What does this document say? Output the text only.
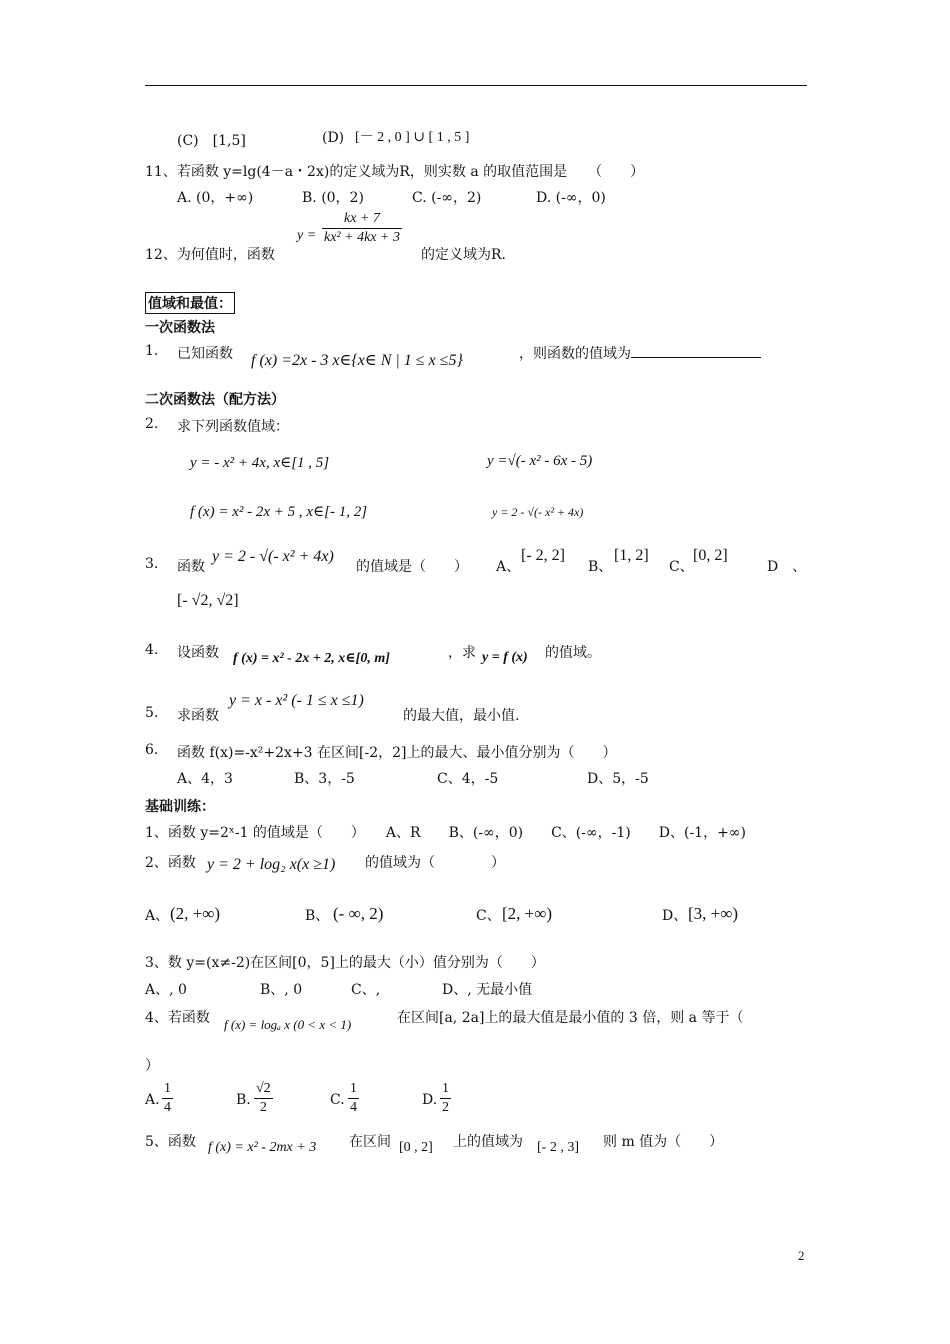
(C)　[1,5]	(D) [－ 2 , 0 ] ∪ [ 1 , 5 ]
11、若函数 y=lg(4－a・2x)的定义域为R，则实数 a 的取值范围是　　（　　）
A. (0，+∞)	B. (0，2)	C. (-∞，2)	D. (-∞，0)
12、为何值时，函数
$y = \frac{kx + 7}{\text{kx² + 4kx + 3}}$
的定义域为R.
值域和最值：
一次函数法
1. 已知函数 f (x) =2x - 3 x∈{x∈ N | 1 ≤ x ≤5}	，则函数的值域为
二次函数法（配方法）
2. 求下列函数值域：
y = - x² + 4x, x∈[1 , 5]	y =√(- x² - 6x - 5)
f (x) = x² - 2x + 5 , x∈[- 1, 2]	y = 2 - √(- x² + 4x)
3. 函数
y = 2 - √(- x² + 4x)
的值域是（　　） A、
[- 2, 2]
B、
[1, 2]
C、
[0, 2]
D　、
[- √2, √2]
4. 设函数 f (x) = x² - 2x + 2, x∈[0, m]	，求 y = f (x) 的值域。
5. 求函数
y = x - x² (- 1 ≤ x ≤1)
的最大值，最小值.
6. 函数 f(x)=-x²+2x+3 在区间[-2，2]上的最大、最小值分别为（　　）
A、4，3	B、3，-5	C、4，-5	D、5，-5
基础训练：
1、函数 y=2ˣ-1 的值域是（　　）　　A、R　　B、(-∞，0)　　C、(-∞，-1)　　D、(-1，+∞)
2、函数 y = 2 + log₂ x(x ≥1) 的值域为（　　　　）
A、 (2, +∞)	B、 (- ∞, 2)	C、 [2, +∞)	D、 [3, +∞)
3、数 y=(x≠-2)在区间[0，5]上的最大（小）值分别为（　　）
A、, 0	B、, 0	C、,	D、, 无最小值
4、若函数 f (x) = logₐ x (0 < x < 1)	在区间[a, 2a]上的最大值是最小值的 3 倍，则 a 等于（
）
A. $\frac{1}{4}$	B. $\frac{√2}{2}$	C. $\frac{1}{4}$	D. $\frac{1}{2}$
5、函数 f (x) = x² - 2mx + 3 在区间 [0 , 2] 上的值域为 [- 2 , 3] 则 m 值为（　　）
2
